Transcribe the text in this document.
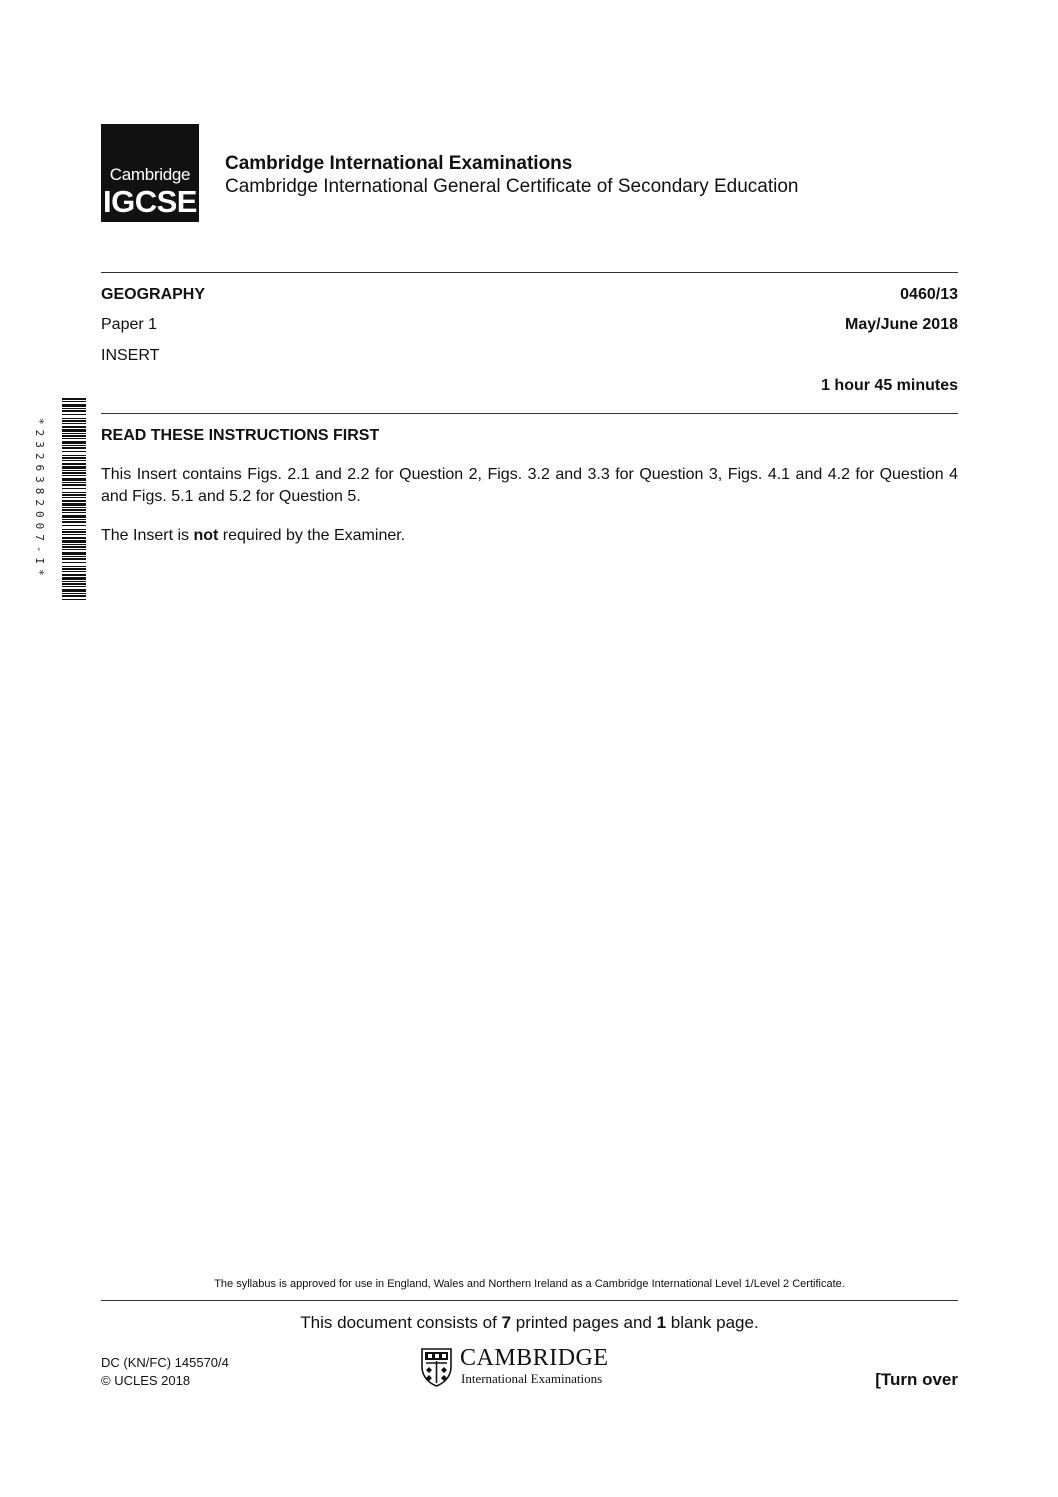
Cambridge
IGCSE
Cambridge International Examinations
Cambridge International General Certificate of Secondary Education
GEOGRAPHY	0460/13
Paper 1	May/June 2018
INSERT
1 hour 45 minutes
*2326382007-I*	READ THESE INSTRUCTIONS FIRST
This Insert contains Figs. 2.1 and 2.2 for Question 2, Figs. 3.2 and 3.3 for Question 3, Figs. 4.1 and 4.2 for Question 4 and Figs. 5.1 and 5.2 for Question 5.
The Insert is not required by the Examiner.
The syllabus is approved for use in England, Wales and Northern Ireland as a Cambridge International Level 1/Level 2 Certificate.
This document consists of 7 printed pages and 1 blank page.
DC (KN/FC) 145570/4
© UCLES 2018
CAMBRIDGE
International Examinations	[Turn over
